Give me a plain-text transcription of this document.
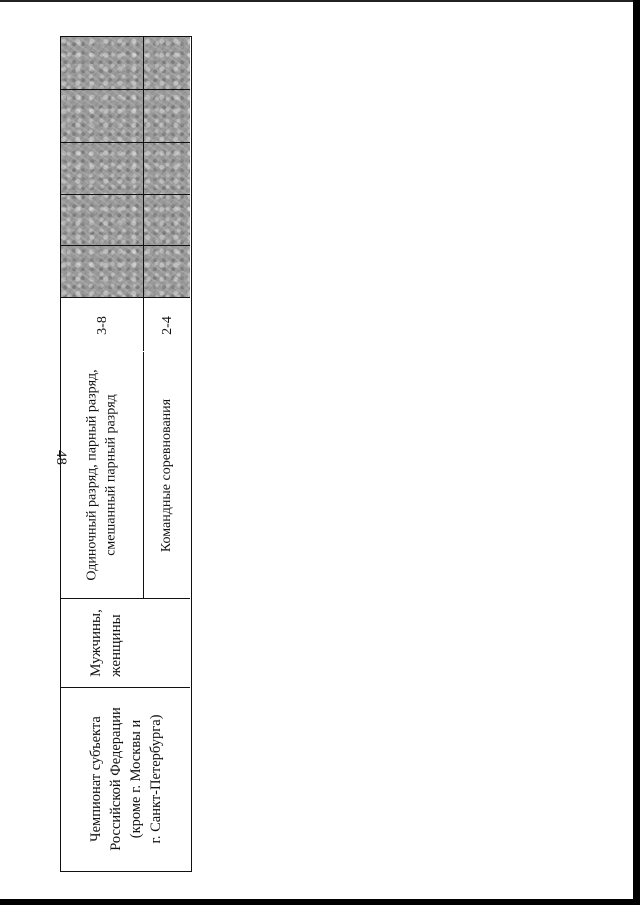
48
Чемпионат субъекта Российской Федерации (кроме г. Москвы и г. Санкт-Петербурга)
Мужчины, женщины
Одиночный разряд, парный разряд, смешанный парный разряд
3-8
Командные соревнования
2-4
